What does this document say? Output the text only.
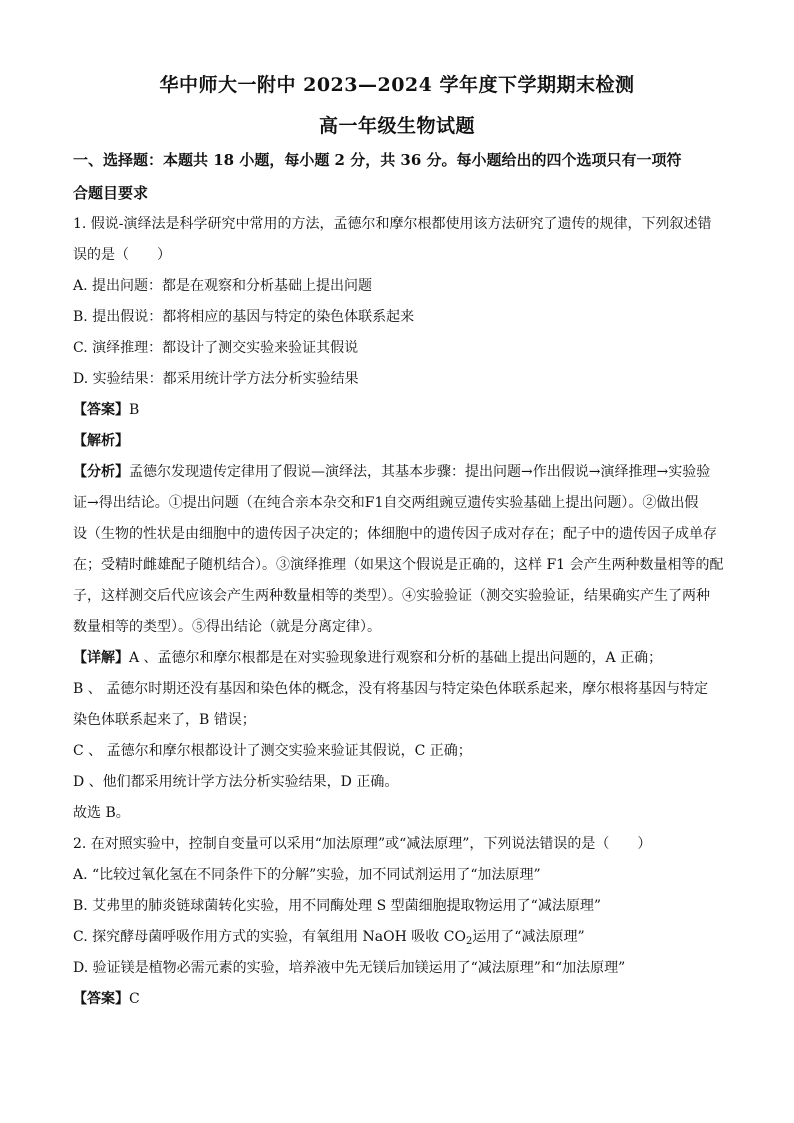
华中师大一附中 2023—2024 学年度下学期期末检测
高一年级生物试题
一、选择题：本题共 18 小题，每小题 2 分，共 36 分。每小题给出的四个选项只有一项符
合题目要求
1. 假说-演绎法是科学研究中常用的方法，孟德尔和摩尔根都使用该方法研究了遗传的规律，下列叙述错
误的是（　　）
A. 提出问题：都是在观察和分析基础上提出问题
B. 提出假说：都将相应的基因与特定的染色体联系起来
C. 演绎推理：都设计了测交实验来验证其假说
D. 实验结果：都采用统计学方法分析实验结果
【答案】B
【解析】
【分析】孟德尔发现遗传定律用了假说—演绎法，其基本步骤：提出问题→作出假说→演绎推理→实验验
证→得出结论。①提出问题（在纯合亲本杂交和F1自交两组豌豆遗传实验基础上提出问题）。②做出假
设（生物的性状是由细胞中的遗传因子决定的；体细胞中的遗传因子成对存在；配子中的遗传因子成单存
在；受精时雌雄配子随机结合）。③演绎推理（如果这个假说是正确的，这样 F1 会产生两种数量相等的配
子，这样测交后代应该会产生两种数量相等的类型）。④实验验证（测交实验验证，结果确实产生了两种
数量相等的类型）。⑤得出结论（就是分离定律）。
【详解】A 、孟德尔和摩尔根都是在对实验现象进行观察和分析的基础上提出问题的，A 正确；
B 、 孟德尔时期还没有基因和染色体的概念，没有将基因与特定染色体联系起来，摩尔根将基因与特定
染色体联系起来了，B 错误；
C 、 孟德尔和摩尔根都设计了测交实验来验证其假说，C 正确；
D 、他们都采用统计学方法分析实验结果，D 正确。
故选 B。
2. 在对照实验中，控制自变量可以采用“加法原理”或“减法原理”，下列说法错误的是（　　）
A. “比较过氧化氢在不同条件下的分解”实验，加不同试剂运用了“加法原理”
B. 艾弗里的肺炎链球菌转化实验，用不同酶处理 S 型菌细胞提取物运用了“减法原理”
C. 探究酵母菌呼吸作用方式的实验，有氧组用 NaOH 吸收 $CO_2$运用了“减法原理”
D. 验证镁是植物必需元素的实验，培养液中先无镁后加镁运用了“减法原理”和“加法原理”
【答案】C
